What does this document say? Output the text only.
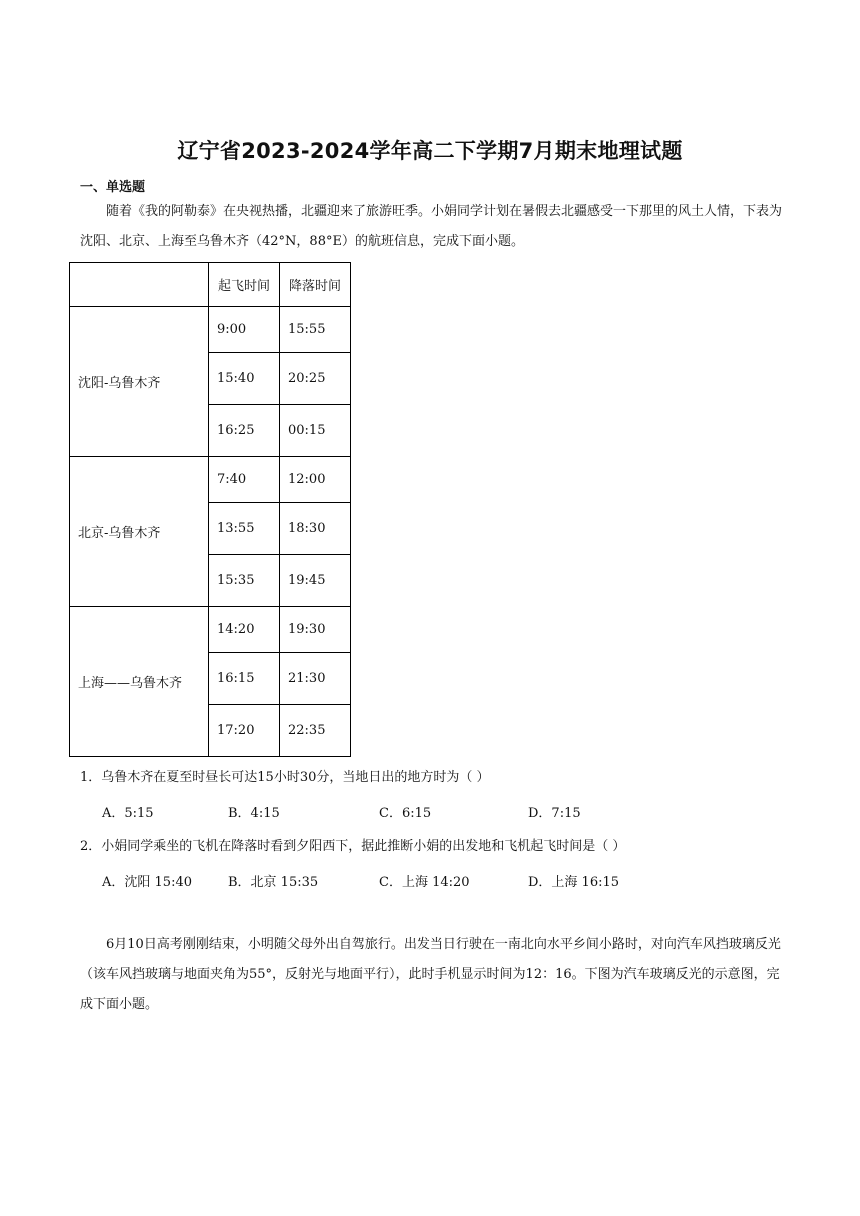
辽宁省2023-2024学年高二下学期7月期末地理试题
一、单选题
随着《我的阿勒泰》在央视热播，北疆迎来了旅游旺季。小娟同学计划在暑假去北疆感受一下那里的风土人情，下表为沈阳、北京、上海至乌鲁木齐（42°N，88°E）的航班信息，完成下面小题。
	起飞时间	降落时间
沈阳-乌鲁木齐	9:00	15:55
	15:40	20:25
	16:25	00:15
北京-乌鲁木齐	7:40	12:00
	13:55	18:30
	15:35	19:45
上海——乌鲁木齐	14:20	19:30
	16:15	21:30
	17:20	22:35
1．乌鲁木齐在夏至时昼长可达15小时30分，当地日出的地方时为（ ）
A．5:15	B．4:15	C．6:15	D．7:15
2．小娟同学乘坐的飞机在降落时看到夕阳西下，据此推断小娟的出发地和飞机起飞时间是（ ）
A．沈阳 15:40	B．北京 15:35	C．上海 14:20	D．上海 16:15
6月10日高考刚刚结束，小明随父母外出自驾旅行。出发当日行驶在一南北向水平乡间小路时，对向汽车风挡玻璃反光（该车风挡玻璃与地面夹角为55°，反射光与地面平行），此时手机显示时间为12：16。下图为汽车玻璃反光的示意图，完成下面小题。
